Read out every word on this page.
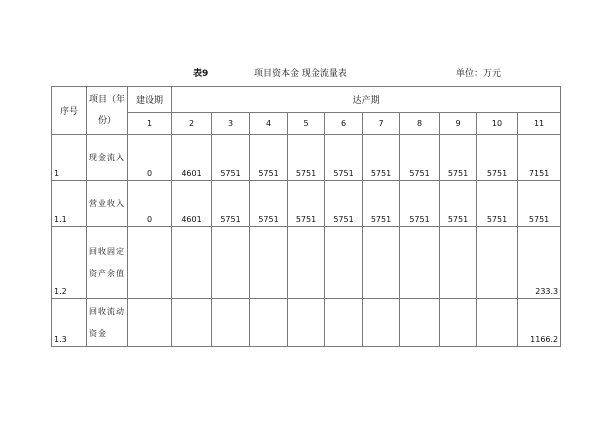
表9	项目资本金 现金流量表	单位：万元
序号	项目（年份）	建设期	达产期									
		1	2	3	4	5	6	7	8	9	10	11
1	现金流入	0	4601	5751	5751	5751	5751	5751	5751	5751	5751	7151
1.1	营业收入	0	4601	5751	5751	5751	5751	5751	5751	5751	5751	5751
1.2	回收固定资产余值											233.3
1.3	回收流动资金											1166.2
